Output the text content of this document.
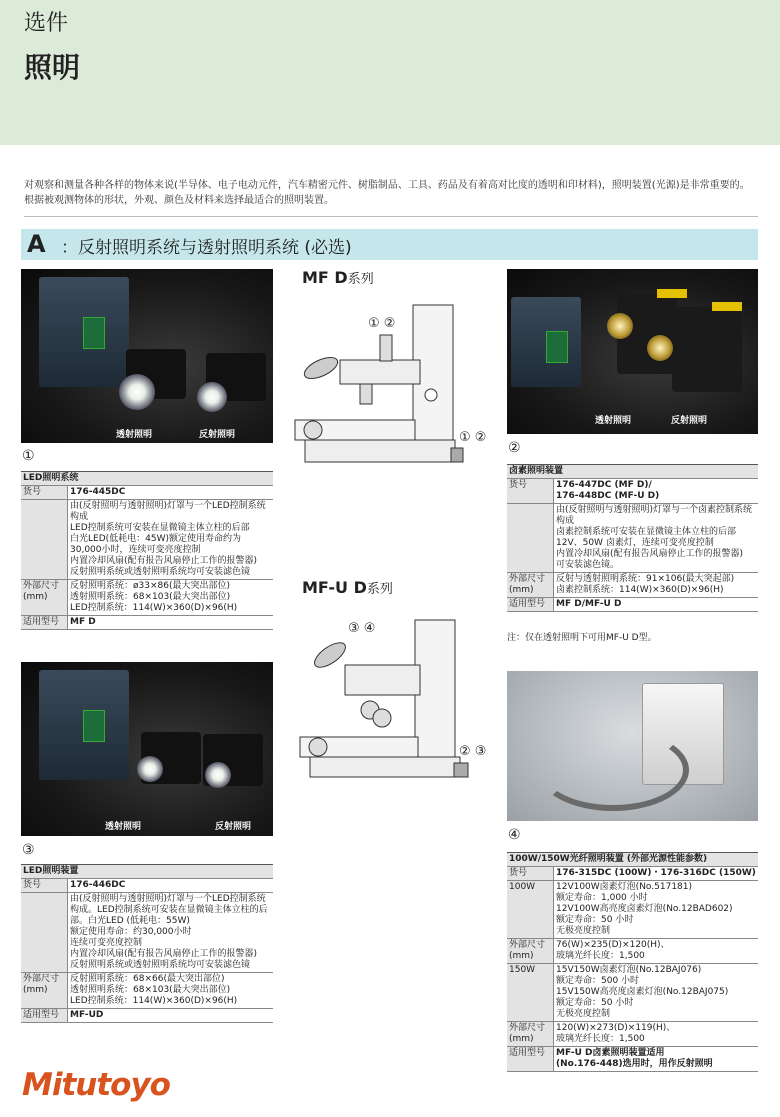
选件
照明
对观察和测量各种各样的物体来说(半导体、电子电动元件，汽车精密元件、树脂制品、工具、药品及有着高对比度的透明和印材料)，照明装置(光源)是非常重要的。根据被观测物体的形状，外观、颜色及材料来选择最适合的照明装置。
A ：反射照明系统与透射照明系统 (必选)
透射照明	反射照明
①
LED照明系统	
货号	176-445DC
	由(反射照明与透射照明)灯罩与一个LED控制系统构成
LED控制系统可安装在显微镜主体立柱的后部
白光LED(低耗电：45W)额定使用寿命约为30,000小时，连续可变亮度控制
内置冷却风扇(配有报告风扇停止工作的报警器)
反射照明系统或透射照明系统均可安装滤色镜
外部尺寸
(mm)	反射照明系统：ø33×86(最大突出部位)
透射照明系统：68×103(最大突出部位)
LED控制系统：114(W)×360(D)×96(H)
适用型号	MF D
透射照明	反射照明
③
LED照明装置	
货号	176-446DC
	由(反射照明与透射照明)灯罩与一个LED控制系统构成。LED控制系统可安装在显微镜主体立柱的后部。白光LED (低耗电：55W)
额定使用寿命：约30,000小时
连续可变亮度控制
内置冷却风扇(配有报告风扇停止工作的报警器)
反射照明系统或透射照明系统均可安装滤色镜
外部尺寸
(mm)	反射照明系统：68×66(最大突出部位)
透射照明系统：68×103(最大突出部位)
LED控制系统：114(W)×360(D)×96(H)
适用型号	MF-UD
MF D系列
① ②
① ②
MF-U D系列
③ ④
② ③
透射照明	反射照明
②
卤素照明装置	
货号	176-447DC (MF D)/
176-448DC (MF-U D)
	由(反射照明与透射照明)灯罩与一个卤素控制系统构成
卤素控制系统可安装在显微镜主体立柱的后部
12V、50W 卤素灯，连续可变亮度控制
内置冷却风扇(配有报告风扇停止工作的报警器)
可安装滤色镜。
外部尺寸
(mm)	反射与透射照明系统：91×106(最大突起部)
卤素控制系统：114(W)×360(D)×96(H)
适用型号	MF D/MF-U D
注：仅在透射照明下可用MF-U D型。
④
100W/150W光纤照明装置 (外部光源性能参数)	
货号	176-315DC (100W)・176-316DC (150W)
100W	12V100W卤素灯泡(No.517181)
额定寿命：1,000 小时
12V100W高亮度卤素灯泡(No.12BAD602)
额定寿命：50 小时
无极亮度控制
外部尺寸
(mm)	76(W)×235(D)×120(H)、
玻璃光纤长度：1,500
150W	15V150W卤素灯泡(No.12BAJ076)
额定寿命：500 小时
15V150W高亮度卤素灯泡(No.12BAJ075)
额定寿命：50 小时
无极亮度控制
外部尺寸
(mm)	120(W)×273(D)×119(H)、
玻璃光纤长度：1,500
适用型号	MF-U D卤素照明装置适用
(No.176-448)选用时，用作反射照明
Mitutoyo
